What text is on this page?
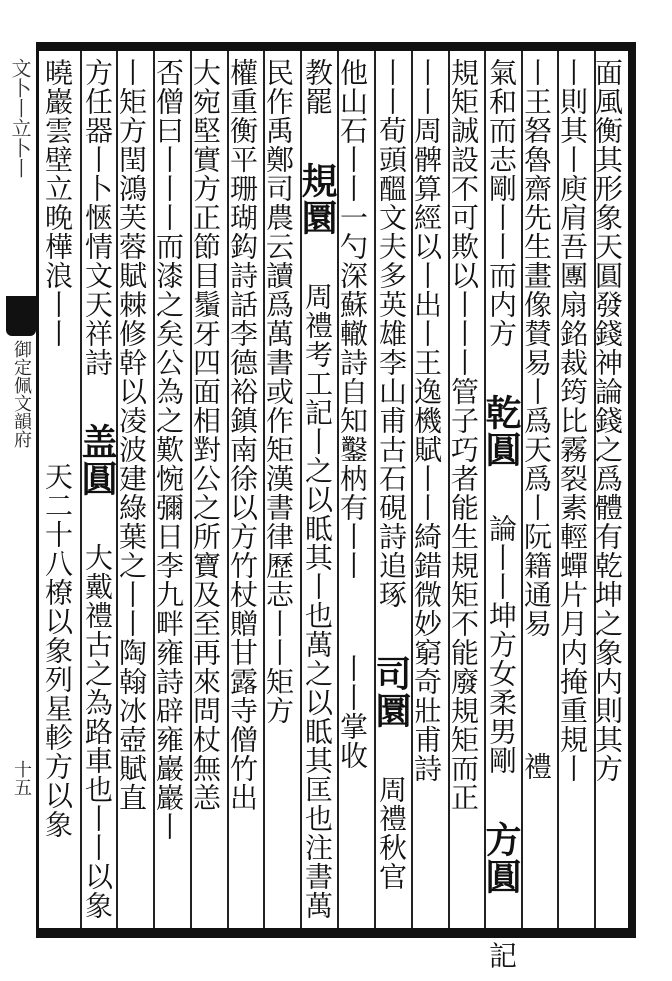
文卜丨立卜丨
御定佩文韻府
十五	面風衡其形象天圓發錢神論錢之爲體有乾坤之象内則其方
丨則其丨庾肩吾團扇銘裁筠比霧裂素輕蟬片月内掩重規丨
丨王砮魯齋先生畫像賛易丨爲天爲丨阮籍通易 禮
氣和而志剛丨丨而内方 乾圓 論丨丨坤方女柔男剛 方圓 記
規矩誠設不可欺以丨丨丨管子巧者能生規矩不能廢規矩而正
丨丨周髀算經以丨出丨王逸機賦丨丨綺錯微妙窮奇壯甫詩
丨丨荀頭醞文夫多英雄李山甫古石硯詩追琢 司圜 周禮秋官
他山石丨丨一勺深蘇轍詩自知鑿枘有丨丨 丨丨掌收
教罷 規圜 周禮考工記丨之以眡其丨也萬之以眡其匡也注書萬
民作禹鄭司農云讀爲萬書或作矩漢書律歷志丨丨矩方
權重衡平珊瑚鈎詩話李德裕鎮南徐以方竹杖贈甘露寺僧竹出
大宛堅實方正節目鬚牙四面相對公之所寶及至再來問杖無恙
否僧曰丨丨丨而漆之矣公為之歎惋彌日李九畔雍詩辟雍巖巖丨
丨矩方閏鴻芙蓉賦棘修幹以凌波建綠葉之丨丨陶翰冰壺賦直
方任器丨卜愜情文天祥詩 盖圓 大戴禮古之為路車也丨丨以象
曉巖雲壁立晚樺浪丨丨 天二十八橑以象列星軫方以象
